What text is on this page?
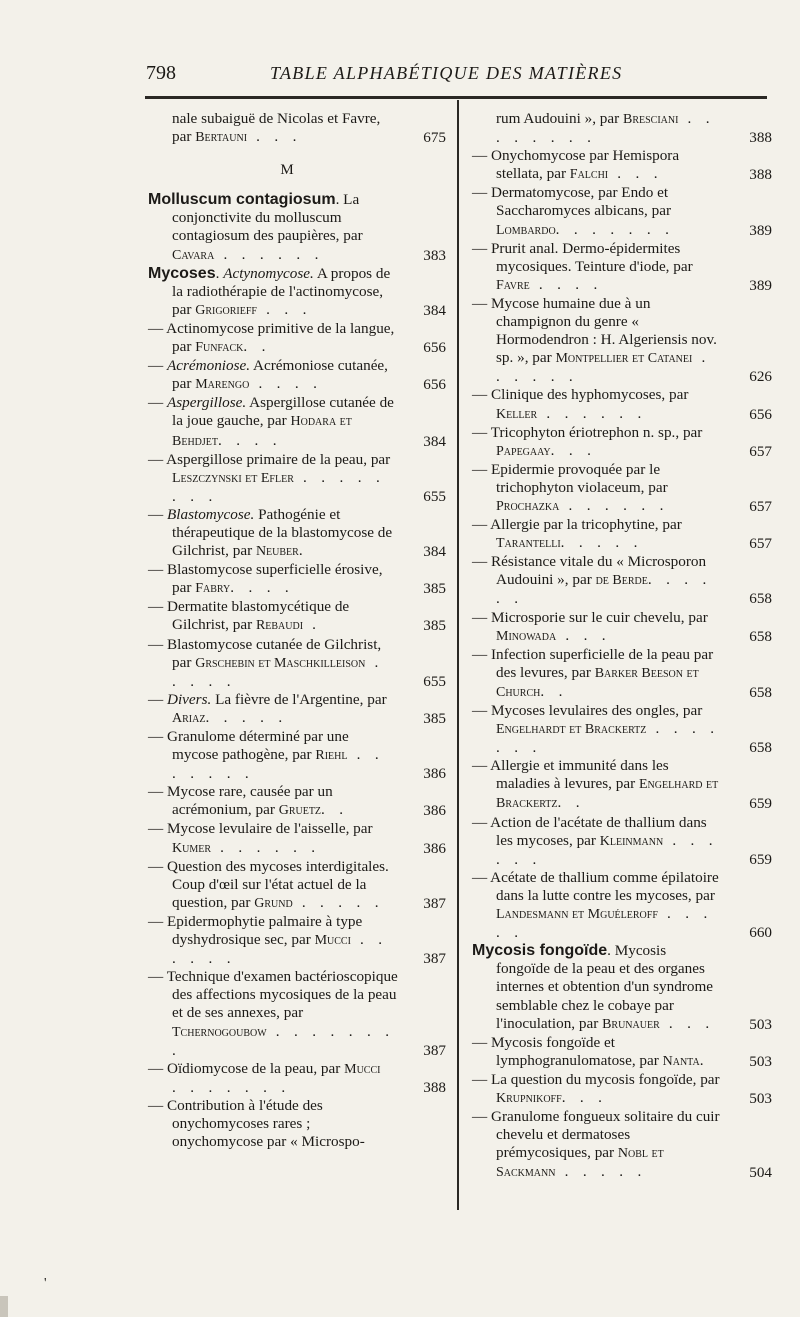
798	TABLE ALPHABÉTIQUE DES MATIÈRES
nale subaiguë de Nicolas et Favre, par Bertauni . . .	675
M
Molluscum contagiosum. La conjonctivite du molluscum contagiosum des paupières, par Cavara . . . . . .	383
Mycoses. Actynomycose. A propos de la radiothérapie de l'actinomycose, par Grigorieff . . .	384
— Actinomycose primitive de la langue, par Funfack. .	656
— Acrémoniose. Acrémoniose cutanée, par Marengo . . . .	656
— Aspergillose. Aspergillose cutanée de la joue gauche, par Hodara et Behdjet. . . .	384
— Aspergillose primaire de la peau, par Leszczynski et Efler . . . . . . . .	655
— Blastomycose. Pathogénie et thérapeutique de la blastomycose de Gilchrist, par Neuber.	384
— Blastomycose superficielle érosive, par Fabry. . . .	385
— Dermatite blastomycétique de Gilchrist, par Rebaudi .	385
— Blastomycose cutanée de Gilchrist, par Grschebin et Maschkilleison . . . . .	655
— Divers. La fièvre de l'Argentine, par Ariaz. . . . .	385
— Granulome déterminé par une mycose pathogène, par Riehl . . . . . . .	386
— Mycose rare, causée par un acrémonium, par Gruetz. .	386
— Mycose levulaire de l'aisselle, par Kumer . . . . . .	386
— Question des mycoses interdigitales. Coup d'œil sur l'état actuel de la question, par Grund . . . . .	387
— Epidermophytie palmaire à type dyshydrosique sec, par Mucci . . . . . .	387
— Technique d'examen bactérioscopique des affections mycosiques de la peau et de ses annexes, par Tchernogoubow . . . . . . . .	387
— Oïdiomycose de la peau, par Mucci . . . . . . .	388
— Contribution à l'étude des onychomycoses rares ; onychomycose par « Microspo-
rum Audouini », par Bresciani . . . . . . . .	388
— Onychomycose par Hemispora stellata, par Falchi . . .	388
— Dermatomycose, par Endo et Saccharomyces albicans, par Lombardo. . . . . . .	389
— Prurit anal. Dermo-épidermites mycosiques. Teinture d'iode, par Favre . . . .	389
— Mycose humaine due à un champignon du genre « Hormodendron : H. Algeriensis nov. sp. », par Montpellier et Catanei . . . . . .	626
— Clinique des hyphomycoses, par Keller . . . . . .	656
— Tricophyton ériotrephon n. sp., par Papegaay. . .	657
— Epidermie provoquée par le trichophyton violaceum, par Prochazka . . . . . .	657
— Allergie par la tricophytine, par Tarantelli. . . . .	657
— Résistance vitale du « Microsporon Audouini », par de Berde. . . . . .	658
— Microsporie sur le cuir chevelu, par Minowada . . .	658
— Infection superficielle de la peau par des levures, par Barker Beeson et Church. .	658
— Mycoses levulaires des ongles, par Engelhardt et Brackertz . . . . . . .	658
— Allergie et immunité dans les maladies à levures, par Engelhard et Brackertz. .	659
— Action de l'acétate de thallium dans les mycoses, par Kleinmann . . . . . .	659
— Acétate de thallium comme épilatoire dans la lutte contre les mycoses, par Landesmann et Mguéleroff . . . . .	660
Mycosis fongoïde. Mycosis fongoïde de la peau et des organes internes et obtention d'un syndrome semblable chez le cobaye par l'inoculation, par Brunauer . . .	503
— Mycosis fongoïde et lymphogranulomatose, par Nanta.	503
— La question du mycosis fongoïde, par Krupnikoff. . .	503
— Granulome fongueux solitaire du cuir chevelu et dermatoses prémycosiques, par Nobl et Sackmann . . . . .	504
'
